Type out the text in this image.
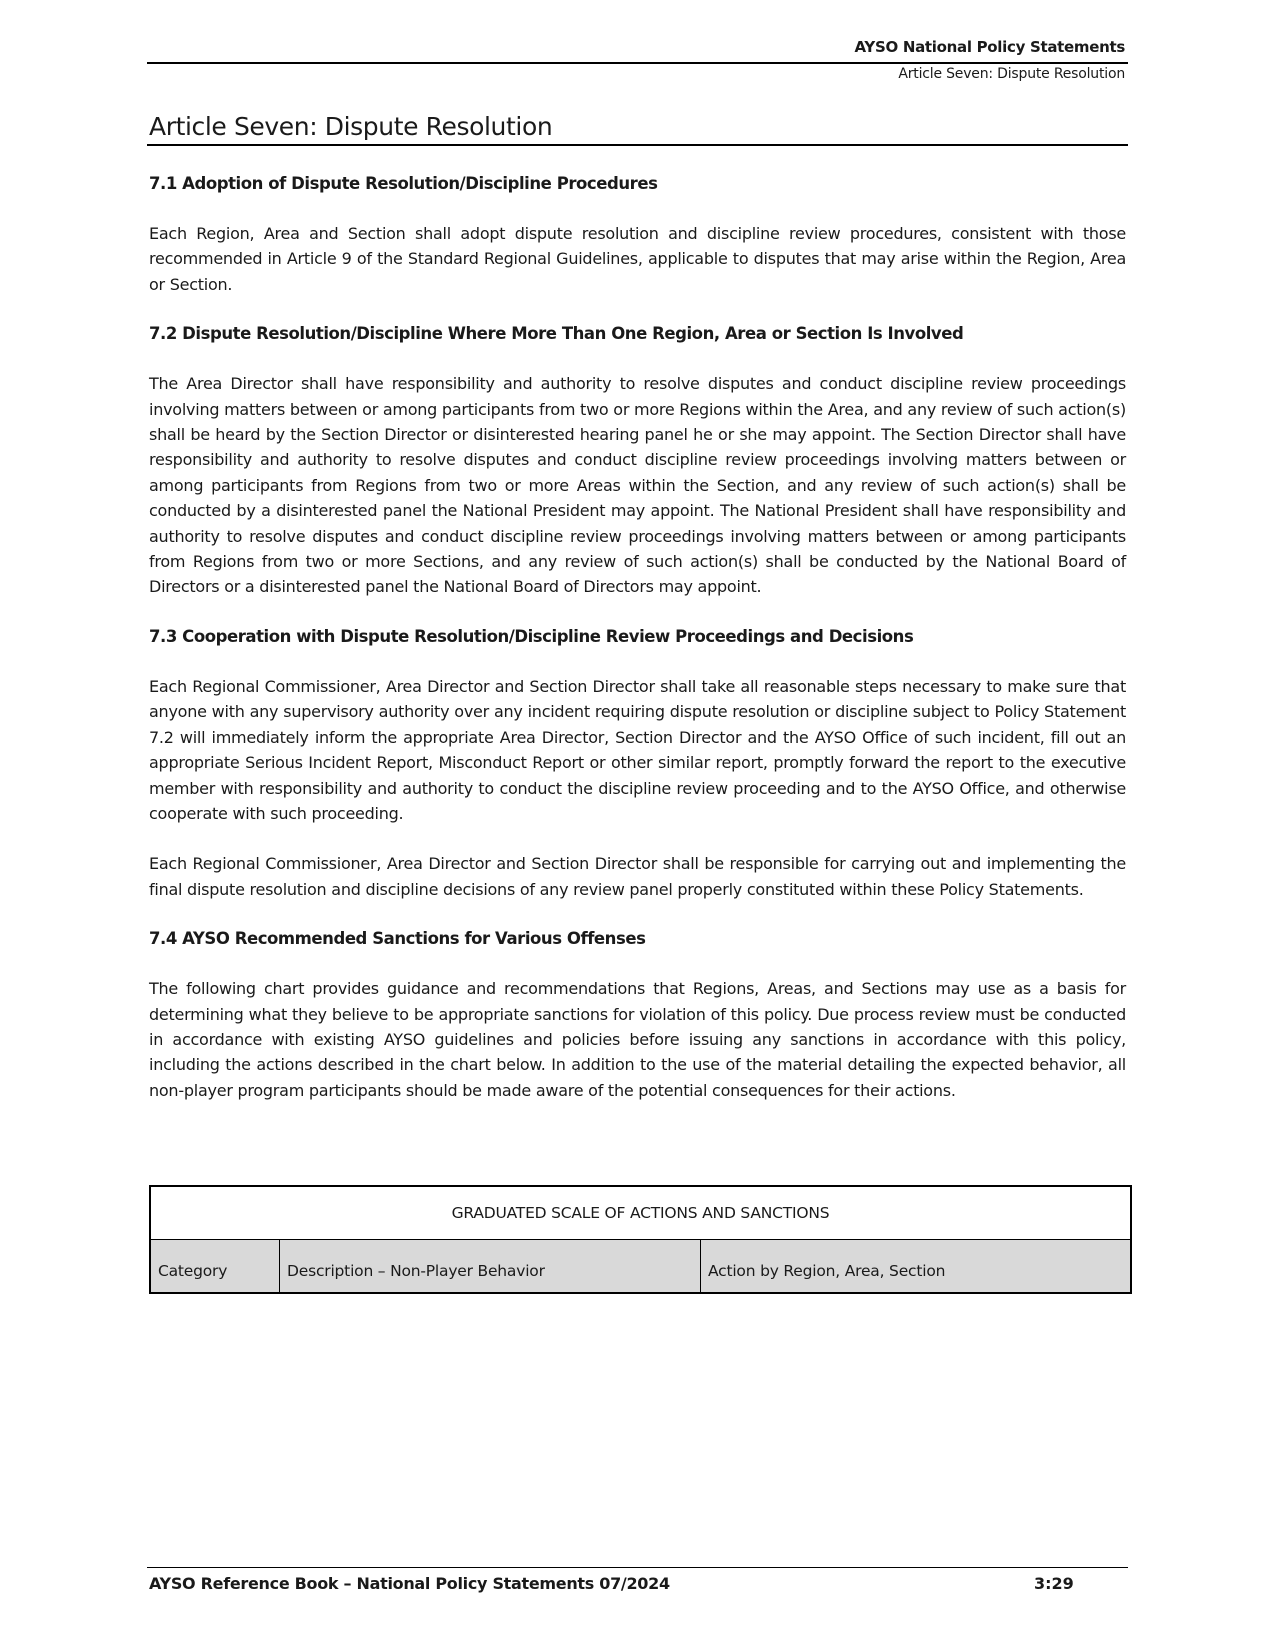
AYSO National Policy Statements
Article Seven: Dispute Resolution
Article Seven: Dispute Resolution
7.1 Adoption of Dispute Resolution/Discipline Procedures

Each Region, Area and Section shall adopt dispute resolution and discipline review procedures, consistent with those recommended in Article 9 of the Standard Regional Guidelines, applicable to disputes that may arise within the Region, Area or Section.

7.2 Dispute Resolution/Discipline Where More Than One Region, Area or Section Is Involved

The Area Director shall have responsibility and authority to resolve disputes and conduct discipline review proceedings involving matters between or among participants from two or more Regions within the Area, and any review of such action(s) shall be heard by the Section Director or disinterested hearing panel he or she may appoint. The Section Director shall have responsibility and authority to resolve disputes and conduct discipline review proceedings involving matters between or among participants from Regions from two or more Areas within the Section, and any review of such action(s) shall be conducted by a disinterested panel the National President may appoint. The National President shall have responsibility and authority to resolve disputes and conduct discipline review proceedings involving matters between or among participants from Regions from two or more Sections, and any review of such action(s) shall be conducted by the National Board of Directors or a disinterested panel the National Board of Directors may appoint.

7.3 Cooperation with Dispute Resolution/Discipline Review Proceedings and Decisions

Each Regional Commissioner, Area Director and Section Director shall take all reasonable steps necessary to make sure that anyone with any supervisory authority over any incident requiring dispute resolution or discipline subject to Policy Statement 7.2 will immediately inform the appropriate Area Director, Section Director and the AYSO Office of such incident, fill out an appropriate Serious Incident Report, Misconduct Report or other similar report, promptly forward the report to the executive member with responsibility and authority to conduct the discipline review proceeding and to the AYSO Office, and otherwise cooperate with such proceeding.

Each Regional Commissioner, Area Director and Section Director shall be responsible for carrying out and implementing the final dispute resolution and discipline decisions of any review panel properly constituted within these Policy Statements.

7.4 AYSO Recommended Sanctions for Various Offenses

The following chart provides guidance and recommendations that Regions, Areas, and Sections may use as a basis for determining what they believe to be appropriate sanctions for violation of this policy. Due process review must be conducted in accordance with existing AYSO guidelines and policies before issuing any sanctions in accordance with this policy, including the actions described in the chart below. In addition to the use of the material detailing the expected behavior, all non-player program participants should be made aware of the potential consequences for their actions.

GRADUATED SCALE OF ACTIONS AND SANCTIONS
Category	Description – Non-Player Behavior	Action by Region, Area, Section
AYSO Reference Book – National Policy Statements 07/2024	3:29
